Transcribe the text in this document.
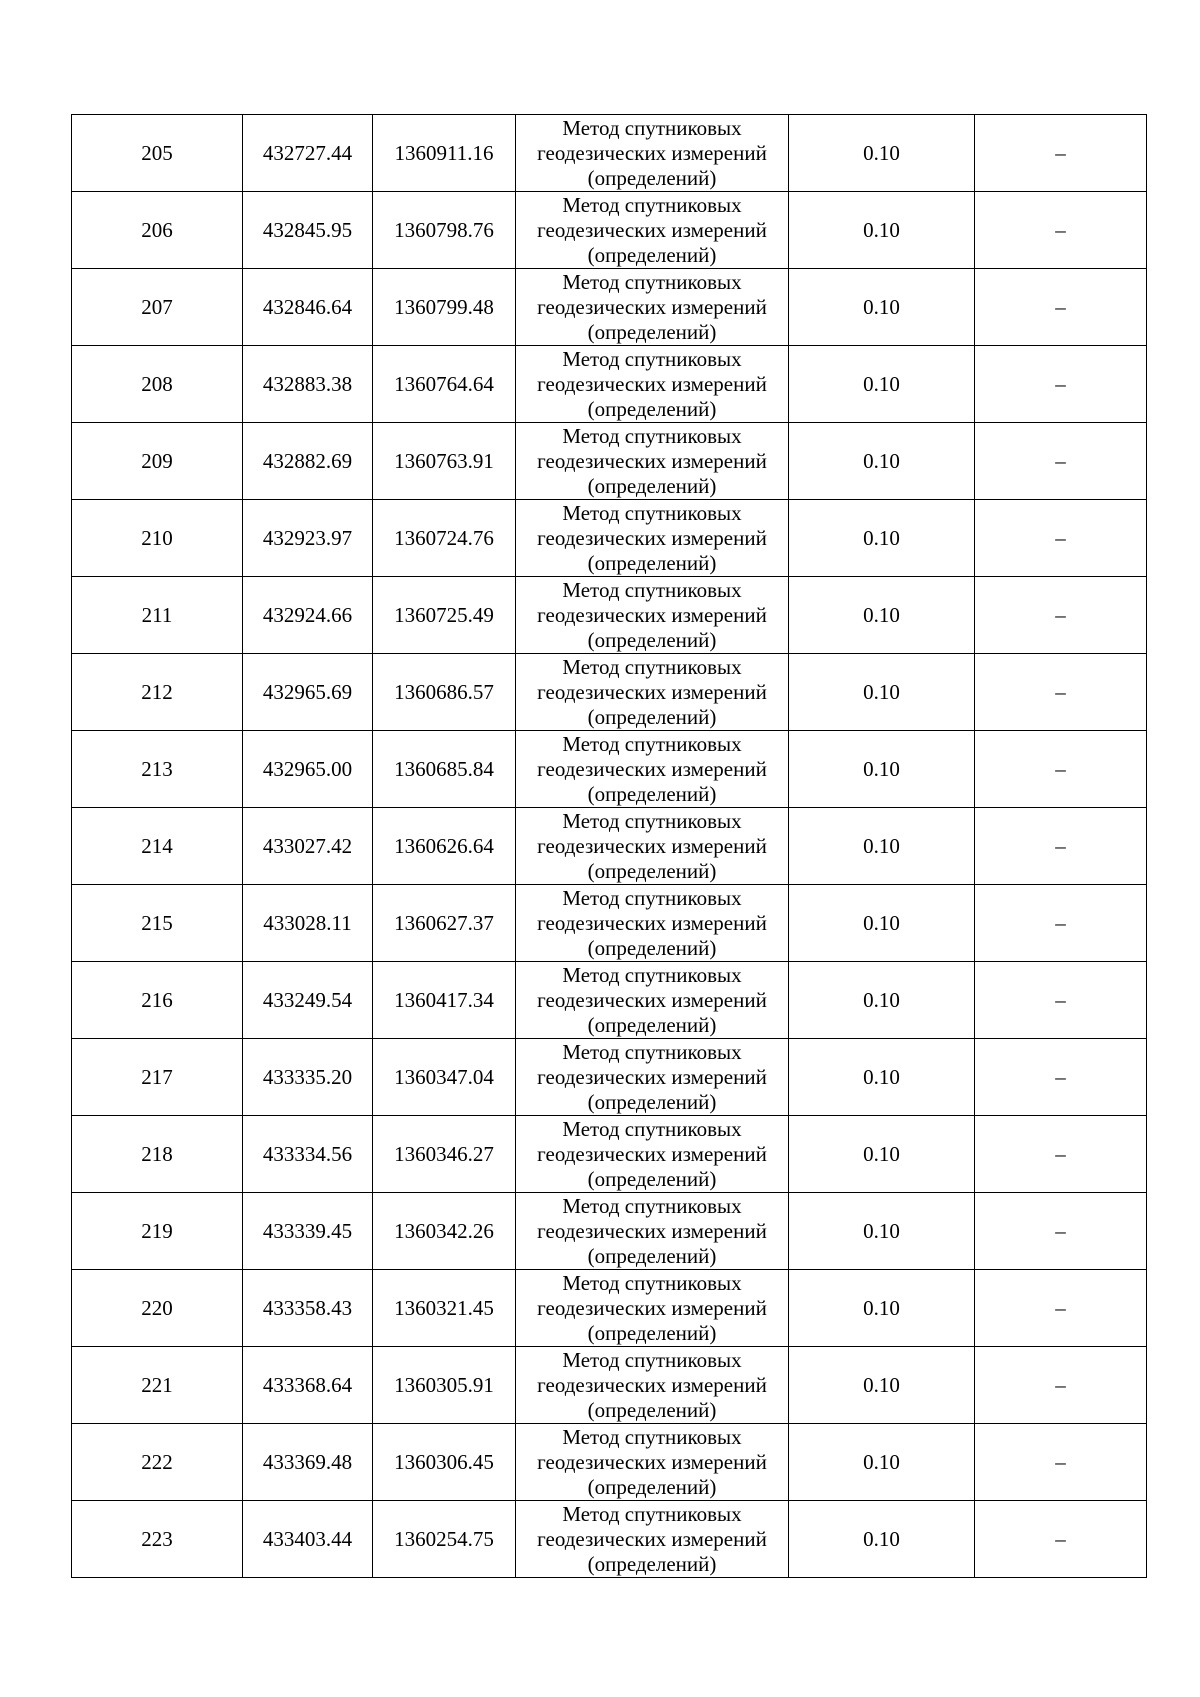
205	432727.44	1360911.16	Метод спутниковых
геодезических измерений
(определений)	0.10	–
206	432845.95	1360798.76	Метод спутниковых
геодезических измерений
(определений)	0.10	–
207	432846.64	1360799.48	Метод спутниковых
геодезических измерений
(определений)	0.10	–
208	432883.38	1360764.64	Метод спутниковых
геодезических измерений
(определений)	0.10	–
209	432882.69	1360763.91	Метод спутниковых
геодезических измерений
(определений)	0.10	–
210	432923.97	1360724.76	Метод спутниковых
геодезических измерений
(определений)	0.10	–
211	432924.66	1360725.49	Метод спутниковых
геодезических измерений
(определений)	0.10	–
212	432965.69	1360686.57	Метод спутниковых
геодезических измерений
(определений)	0.10	–
213	432965.00	1360685.84	Метод спутниковых
геодезических измерений
(определений)	0.10	–
214	433027.42	1360626.64	Метод спутниковых
геодезических измерений
(определений)	0.10	–
215	433028.11	1360627.37	Метод спутниковых
геодезических измерений
(определений)	0.10	–
216	433249.54	1360417.34	Метод спутниковых
геодезических измерений
(определений)	0.10	–
217	433335.20	1360347.04	Метод спутниковых
геодезических измерений
(определений)	0.10	–
218	433334.56	1360346.27	Метод спутниковых
геодезических измерений
(определений)	0.10	–
219	433339.45	1360342.26	Метод спутниковых
геодезических измерений
(определений)	0.10	–
220	433358.43	1360321.45	Метод спутниковых
геодезических измерений
(определений)	0.10	–
221	433368.64	1360305.91	Метод спутниковых
геодезических измерений
(определений)	0.10	–
222	433369.48	1360306.45	Метод спутниковых
геодезических измерений
(определений)	0.10	–
223	433403.44	1360254.75	Метод спутниковых
геодезических измерений
(определений)	0.10	–
